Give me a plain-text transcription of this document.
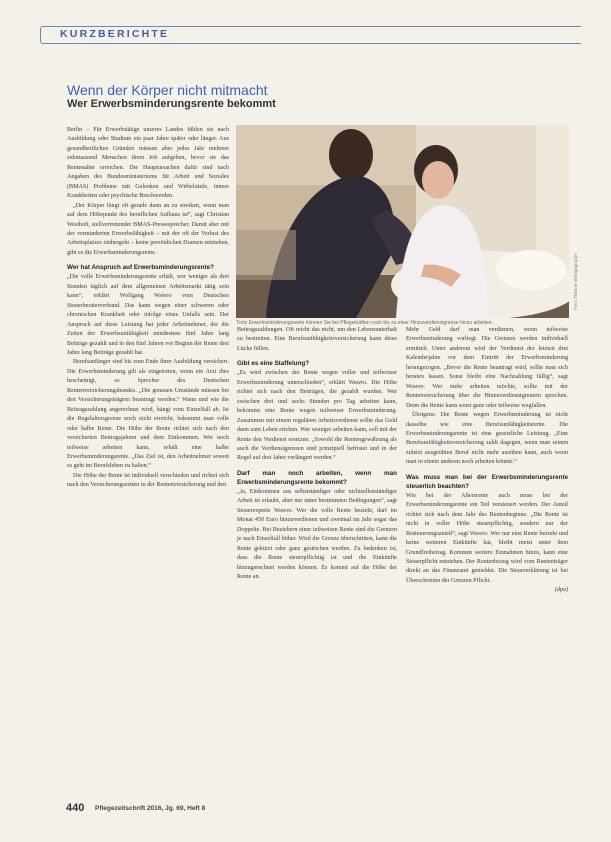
KURZBERICHTE
Wenn der Körper nicht mitmacht
Wer Erwerbsminderungsrente bekommt
Foto: Thieme Verlagsgruppe
Trotz Erwerbsminderungsrente können Sie bei Pflegekräften noch bis zu einer Hinzuverdienstgrenze hinzu arbeiten.

Berlin – Für Erwerbstätige unseres Landes fühlen sie nach Ausbildung oder Studium ein paar Jahre später oder länger. Aus gesundheitlichen Gründen müssen aber jedes Jahr mehrere zehntausend Menschen ihren Job aufgeben, bevor sie das Rentenalter erreichen. Die Hauptursachen dafür sind nach Angaben des Bundesministeriums für Arbeit und Soziales (BMAS) Probleme mit Gelenken und Wirbelsäule, innere Krankheiten oder psychische Beschwerden.

„Der Körper fängt oft gerade dann an zu streiken, wenn man auf dem Höhepunkt des beruflichen Aufbaus ist“, sagt Christian Westholt, stellvertretender BMAS-Pressesprecher. Damit aber mit der verminderten Erwerbsfähigkeit – mit der oft der Verlust des Arbeitsplatzes einhergeht – keine persönlichen Dramen entstehen, gibt es die Erwerbsminderungsrente.

Wer hat Anspruch auf Erwerbsminderungsrente?

„Die volle Erwerbsminderungsrente erhält, wer weniger als drei Stunden täglich auf dem allgemeinen Arbeitsmarkt tätig sein kann“, erklärt Wolfgang Wawro vom Deutschen Steuerberaterverband. Das kann wegen einer schweren oder chronischen Krankheit oder infolge eines Unfalls sein. Der Anspruch auf diese Leistung hat jeder Arbeitnehmer, der die Zeiten der Erwerbsunfähigkeit mindestens fünf Jahre lang Beiträge gezahlt und in den fünf Jahren vor Beginn der Rente drei Jahre lang Beiträge gezahlt hat.

Berufsanfänger sind bis zum Ende ihrer Ausbildung versichert. Die Erwerbsminderung gilt als eingetreten, wenn ein Arzt dies bescheinigt, so Sprecher des Deutschen Rentenversicherungsbundes. „Die genauen Umstände müssen bei den Versicherungsträgern beantragt werden.“ Wann und wie die Beitragszahlung angerechnet wird, hängt vom Einzelfall ab. Ist die Regelaltersgrenze noch nicht erreicht, bekommt man volle oder halbe Rente. Die Höhe der Rente richtet sich nach den versicherten Beitragsjahren und dem Einkommen. Wer noch teilweise arbeiten kann, erhält eine halbe Erwerbsminderungsrente. „Das Ziel ist, den Arbeitnehmer soweit es geht im Berufsleben zu halten.“

Die Höhe der Rente ist individuell verschieden und richtet sich nach den Versicherungszeiten in der Rentenversicherung und den

Beitragszahlungen. Oft reicht das nicht, um den Lebensunterhalt zu bestreiten. Eine Berufsunfähigkeitsversicherung kann diese Lücke füllen.

Gibt es eine Staffelung?

„Es wird zwischen der Rente wegen voller und teilweiser Erwerbsminderung unterschieden“, erklärt Wawro. Die Höhe richtet sich nach den Beiträgen, die gezahlt wurden. Wer zwischen drei und sechs Stunden pro Tag arbeiten kann, bekommt eine Rente wegen teilweiser Erwerbsminderung. Zusammen mit einem regulären Arbeitsverdienst sollte das Geld dann zum Leben reichen. Wer weniger arbeiten kann, soll mit der Rente den Verdienst ersetzen. „Sowohl die Rentengewährung als auch die Verdienstgrenzen sind prinzipiell befristet und in der Regel auf drei Jahre verlängert werden.“

Darf man noch arbeiten, wenn man Erwerbsminderungsrente bekommt?

„Ja, Einkommen aus selbstständiger oder nichtselbstständiger Arbeit ist erlaubt, aber nur unter bestimmten Bedingungen“, sagt Steuerexperte Wawro. Wer die volle Rente bezieht, darf im Monat 450 Euro hinzuverdienen und zweimal im Jahr sogar das Doppelte. Bei Beziehern einer teilweisen Rente sind die Grenzen je nach Einzelfall höher. Wird die Grenze überschritten, kann die Rente gekürzt oder ganz gestrichen werden. Zu bedenken ist, dass die Rente steuerpflichtig ist und die Einkünfte hinzugerechnet werden können. Es kommt auf die Höhe der Rente an.

Mehr Geld darf man verdienen, wenn teilweise Erwerbsminderung vorliegt. Die Grenzen werden individuell ermittelt. Unter anderem wird der Verdienst der letzten drei Kalenderjahre vor dem Eintritt der Erwerbsminderung herangezogen. „Bevor die Rente beantragt wird, sollte man sich beraten lassen. Sonst bleibt eine Nachzahlung fällig“, sagt Wawro. Wer mehr arbeiten möchte, sollte mit der Rentenversicherung über die Hinzuverdienstgrenzen sprechen. Denn die Rente kann sonst ganz oder teilweise wegfallen.

Übrigens: Die Rente wegen Erwerbsminderung ist nicht dasselbe wie eine Berufsunfähigkeitsrente. Die Erwerbsminderungsrente ist eine gesetzliche Leistung. „Eine Berufsunfähigkeitsversicherung zahlt dagegen, wenn man seinen zuletzt ausgeübten Beruf nicht mehr ausüben kann, auch wenn man in einem anderen noch arbeiten könnte.“

Was muss man bei der Erwerbsminderungsrente steuerlich beachten?

Wie bei der Altersrente auch muss bei der Erwerbsminderungsrente ein Teil versteuert werden. Der Anteil richtet sich nach dem Jahr des Rentenbeginns. „Die Rente ist nicht in voller Höhe steuerpflichtig, sondern nur der Besteuerungsanteil“, sagt Wawro. Wer nur eine Rente bezieht und keine weiteren Einkünfte hat, bleibt meist unter dem Grundfreibetrag. Kommen weitere Einnahmen hinzu, kann eine Steuerpflicht entstehen. Der Rentenbezug wird vom Rententräger direkt an das Finanzamt gemeldet. Die Steuererklärung ist bei Überschreiten der Grenzen Pflicht.

(dpa)

440 Pflegezeitschrift 2016, Jg. 69, Heft 8
